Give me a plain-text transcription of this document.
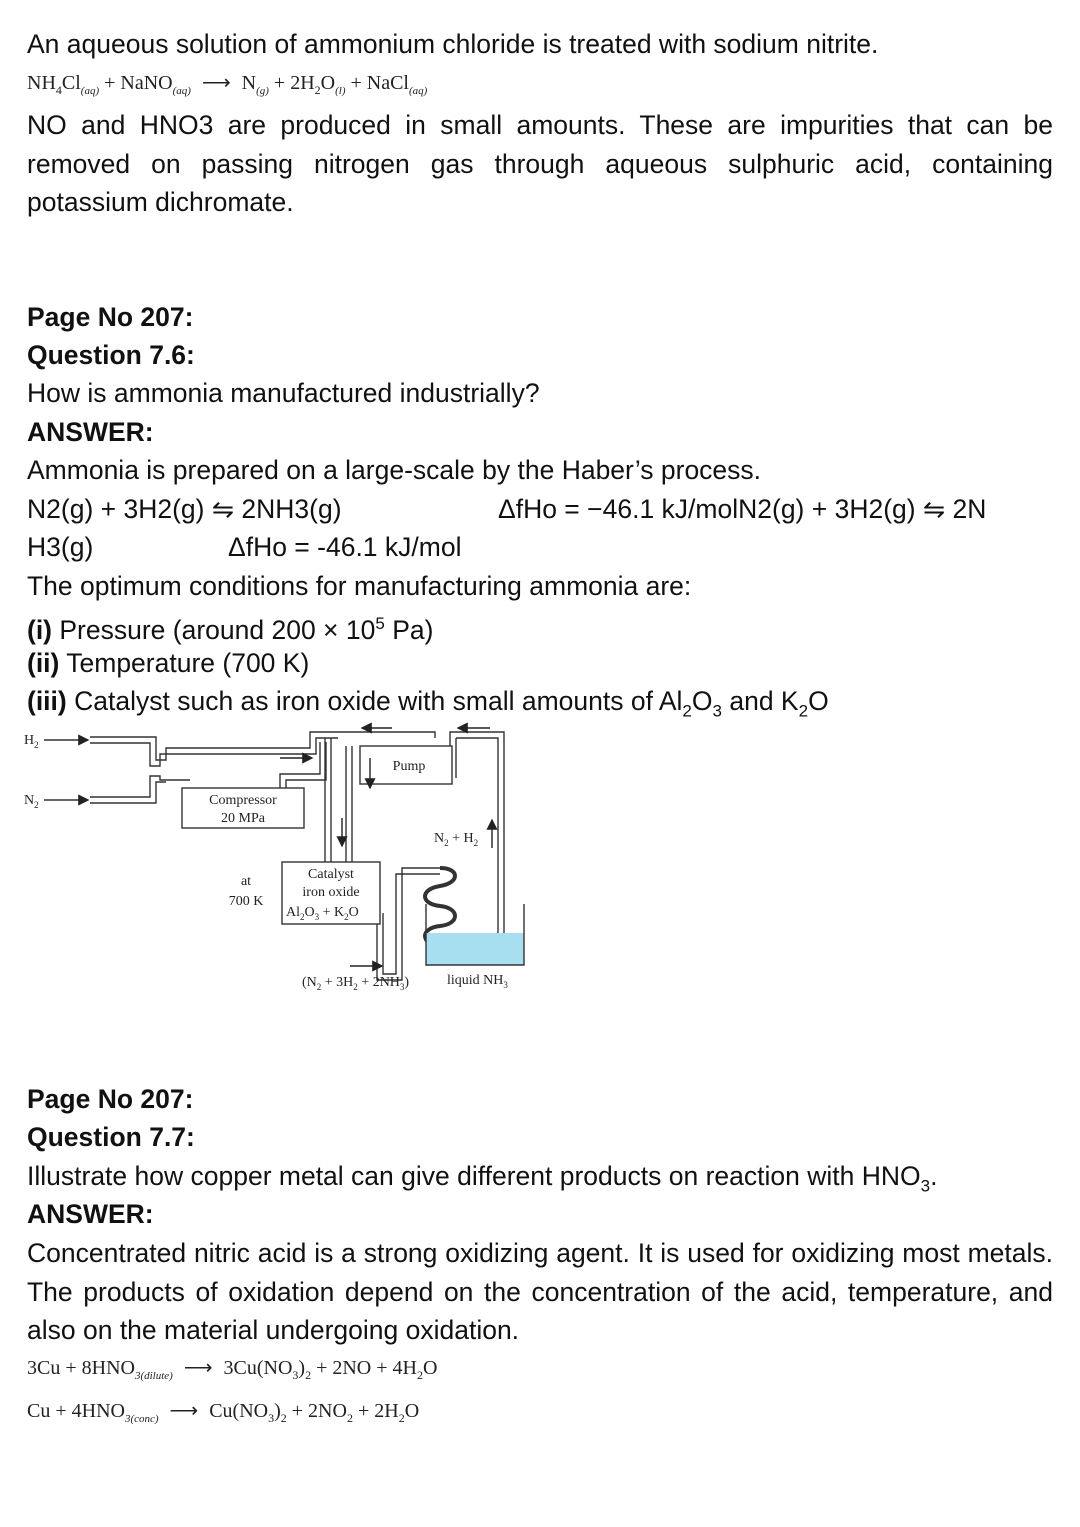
An aqueous solution of ammonium chloride is treated with sodium nitrite.

$NH_4Cl_{(aq)}$ + NaNO$_{(aq)}$ ⟶ $N_{(g)} + 2H_2O_{(l)}$ + NaCl$_{(aq)}$

NO and HNO3 are produced in small amounts. These are impurities that can be removed on passing nitrogen gas through aqueous sulphuric acid, containing potassium dichromate.

Page No 207:

Question 7.6:

How is ammonia manufactured industrially?

ANSWER:

Ammonia is prepared on a large-scale by the Haber’s process.

N2(g) + 3H2(g) ⇋ 2NH3(g)	ΔfHo = −46.1 kJ/molN2(g) + 3H2(g) ⇋ 2N

H3(g)	ΔfHo = -46.1 kJ/mol

The optimum conditions for manufacturing ammonia are:

(i) Pressure (around $200 \times 10^5$ Pa)

(ii) Temperature (700 K)

(iii) Catalyst such as iron oxide with small amounts of $Al_2O_3$ and $K_2O$

$H_2$
$N_2$	Compressor
20 MPa
Pump
$N_2 + H_2$
at
700 K
Catalyst
iron oxide
$Al_2O_3 + K_2O$
$(N_2 + 3H_2 + 2NH_3)$	liquid $NH_3$

Page No 207:

Question 7.7:

Illustrate how copper metal can give different products on reaction with $HNO_3$.

ANSWER:

Concentrated nitric acid is a strong oxidizing agent. It is used for oxidizing most metals. The products of oxidation depend on the concentration of the acid, temperature, and also on the material undergoing oxidation.

$3Cu + 8HNO_{3(dilute)}$ ⟶ $3Cu(NO_3)_2 + 2NO + 4H_2O$
$Cu + 4HNO_{3(conc)}$ ⟶ $Cu(NO_3)_2 + 2NO_2 + 2H_2O$
